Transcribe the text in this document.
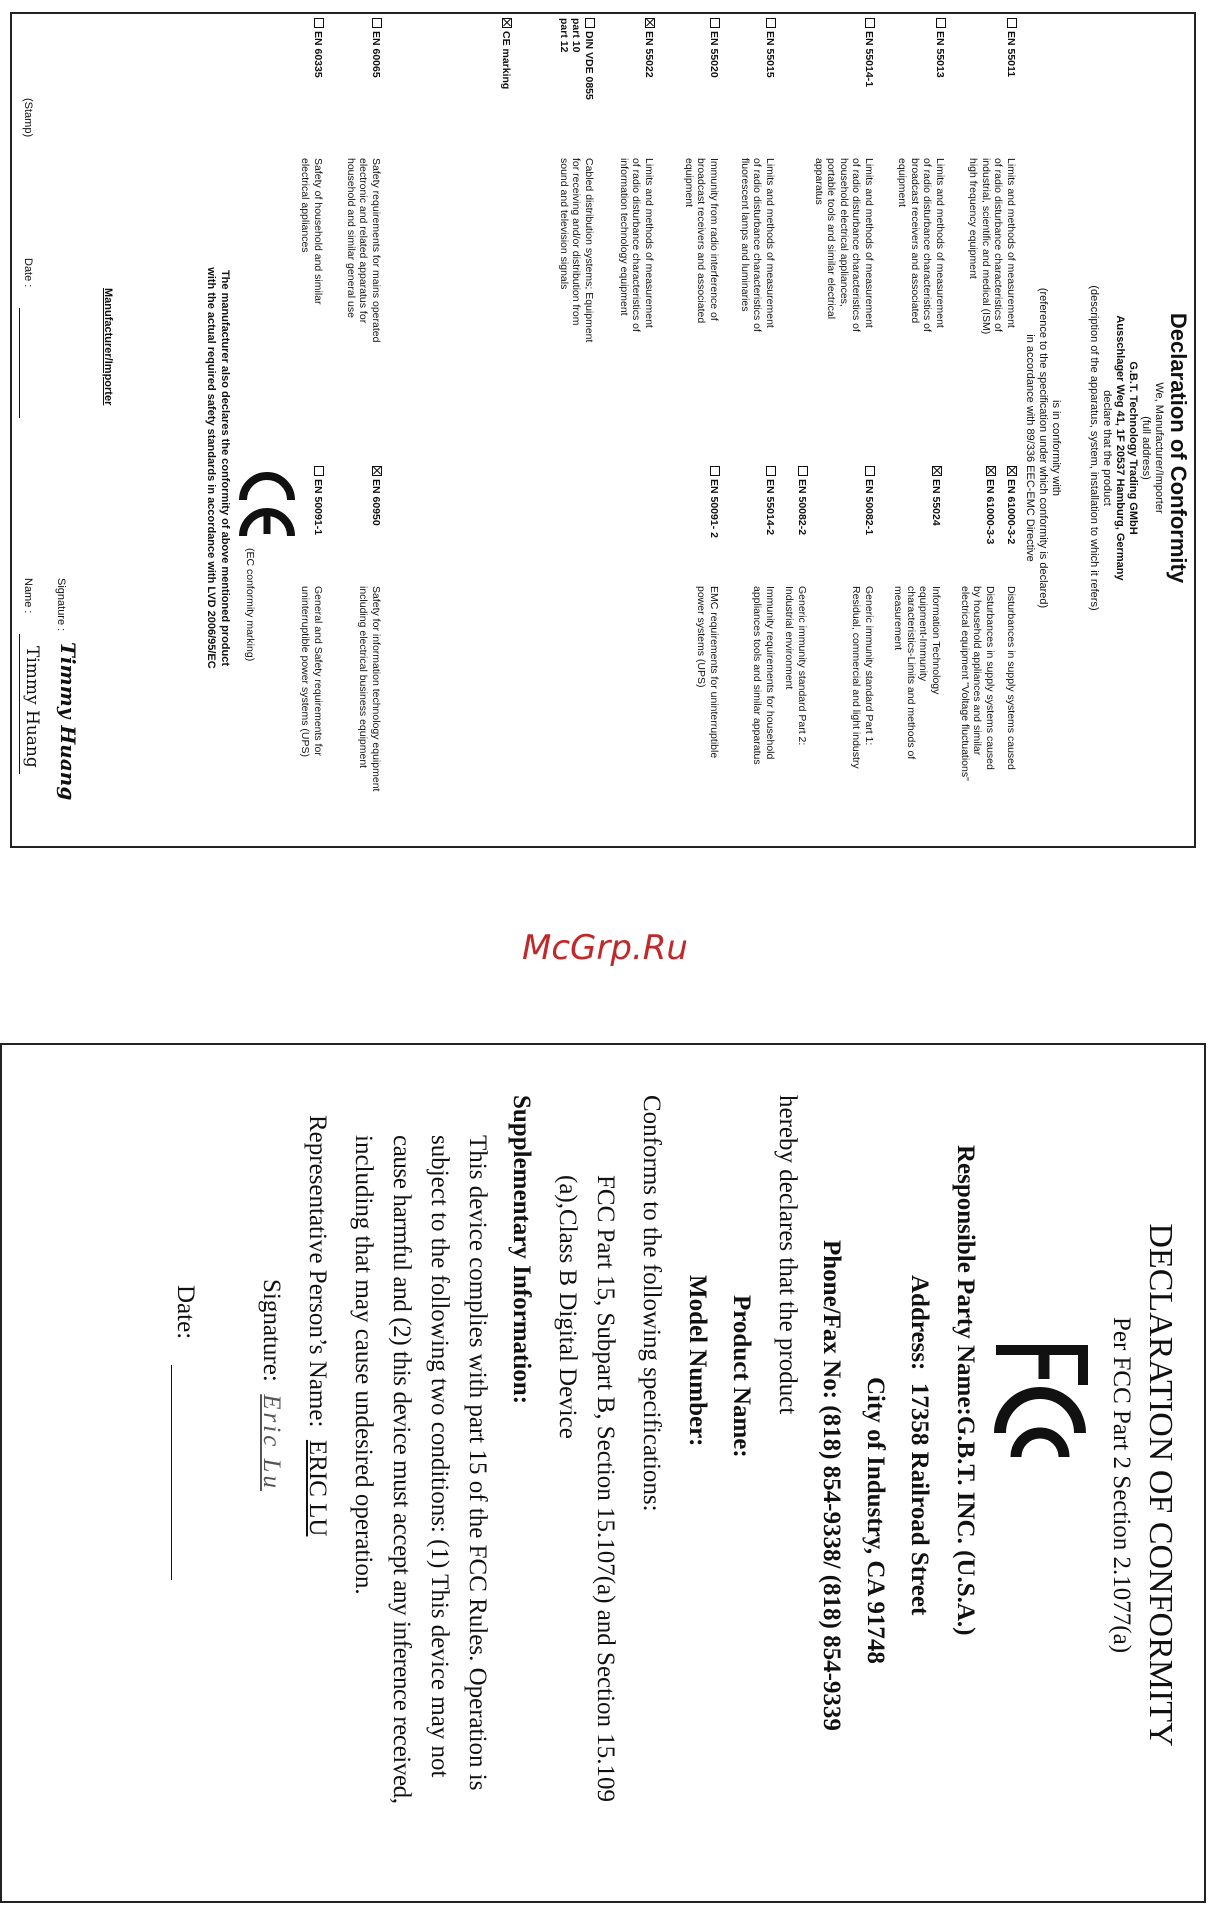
Declaration of Conformity
We, Manufacturer/Importer
(full address)
G.B.T. Technology Trading GMbH
Ausschlager Weg 41, 1F 20537 Hamburg, Germany
declare that the product
(description of the apparatus, system, installation to which it refers)
is in conformity with
(reference to the specification under which conformity is declared)
in accordance with 89/336 EEC-EMC Directive
EN 55011
Limits and methods of measurement
of radio disturbance characteristics of
industrial, scientific and medical (ISM)
high frequency equipment
EN 61000-3-2
Disturbances in supply systems caused
EN 55013
Limits and methods of measurement
of radio disturbance characteristics of
broadcast receivers and associated
equipment
EN 61000-3-3
Disturbances in supply systems caused
by household appliances and similar
electrical equipment "Voltage fluctuations"
EN 55024
Information Technology
equipment-Immunity
characteristics-Limits and methods of
measurement
EN 55014-1
Limits and methods of measurement
of radio disturbance characteristics of
household electrical appliances,
portable tools and similar electrical
apparatus
EN 50082-1
Generic immunity standard Part 1:
Residual, commercial and light industry
EN 50082-2
Generic immunity standard Part 2:
Industrial environment
EN 55015
Limits and methods of measurement
of radio disturbance characteristics of
fluorescent lamps and luminaries
EN 55014-2
Immunity requirements for household
appliances tools and similar apparatus
EN 55020
Immunity from radio interference of
broadcast receivers and associated
equipment
EN 50091- 2
EMC requirements for uninterruptible
power systems (UPS)
EN 55022
Limits and methods of measurement
of radio disturbance characteristics of
information technology equipment
DIN VDE 0855
part 10
part 12
Cabled distribution systems; Equipment
for receiving and/or distribution from
sound and television signals
CE marking
EN 60065
Safety requirements for mains operated
electronic and related apparatus for
household and similar general use
EN 60950
Safety for information technology equipment
including electrical business equipment
EN 60335
Safety of household and similar
electrical appliances
EN 50091-1
General and Safety requirements for
uninterruptible power systems (UPS)
(EC conformity marking)
The manufacturer also declares the conformity of above mentioned product
with the actual required safety standards in accordance with LVD 2006/95/EC
Manufacturer/Importer
Signature :
Timmy Huang
(Stamp)
Date :
Name :
Timmy Huang
McGrp.Ru
DECLARATION OF CONFORMITY
Per FCC Part 2 Section 2.1077(a)
Responsible Party Name:G.B.T. INC. (U.S.A.)
Address:  17358 Railroad Street
City of Industry, CA 91748
Phone/Fax No: (818) 854-9338/ (818) 854-9339
hereby declares that the product
Product Name:
Model Number:
Conforms to the following specifications:
FCC Part 15, Subpart B, Section 15.107(a) and Section 15.109
(a),Class B Digital Device
Supplementary Information:
This device complies with part 15 of the FCC Rules. Operation is
subject to the following two conditions: (1) This device may not
cause harmful and (2) this device must accept any inference received,
including that may cause undesired operation.
Representative Person’s Name:  ERIC LU
Signature:  Eric Lu
Date:
